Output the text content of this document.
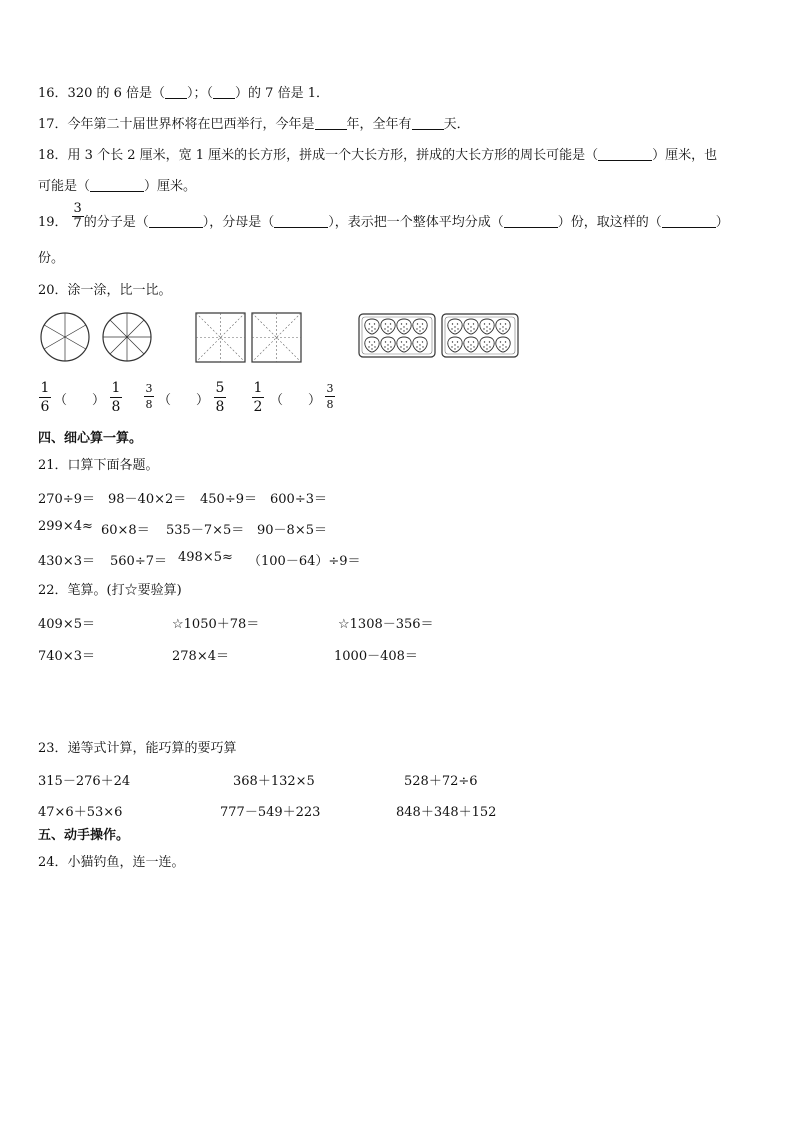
16．320 的 6 倍是（ ）；（ ）的 7 倍是 1．
17．今年第二十届世界杯将在巴西举行，今年是 年，全年有 天．
18．用 3 个长 2 厘米，宽 1 厘米的长方形，拼成一个大长方形，拼成的大长方形的周长可能是（	）厘米，也
可能是（	）厘米。
19． $\frac{3}{7}$ 的分子是（	），分母是（	），表示把一个整体平均分成（	）份，取这样的（	）
份。
20．涂一涂，比一比。
1
6 （ ）
1
8
3
8 （ ）
5
8
1
2 （ ）
3
8
四、细心算一算。
21．口算下面各题。
270÷9＝ 98－40×2＝ 450÷9＝ 600÷3＝
299×4≈ 60×8＝ 535－7×5＝ 90－8×5＝
430×3＝ 560÷7＝ 498×5≈ （100－64）÷9＝
22．笔算。(打☆要验算)
409×5＝	☆1050＋78＝	☆1308－356＝
740×3＝	278×4＝	1000－408＝
23．递等式计算，能巧算的要巧算
315－276＋24	368＋132×5	528＋72÷6
47×6＋53×6	777－549＋223	848＋348＋152
五、动手操作。
24．小猫钓鱼，连一连。
